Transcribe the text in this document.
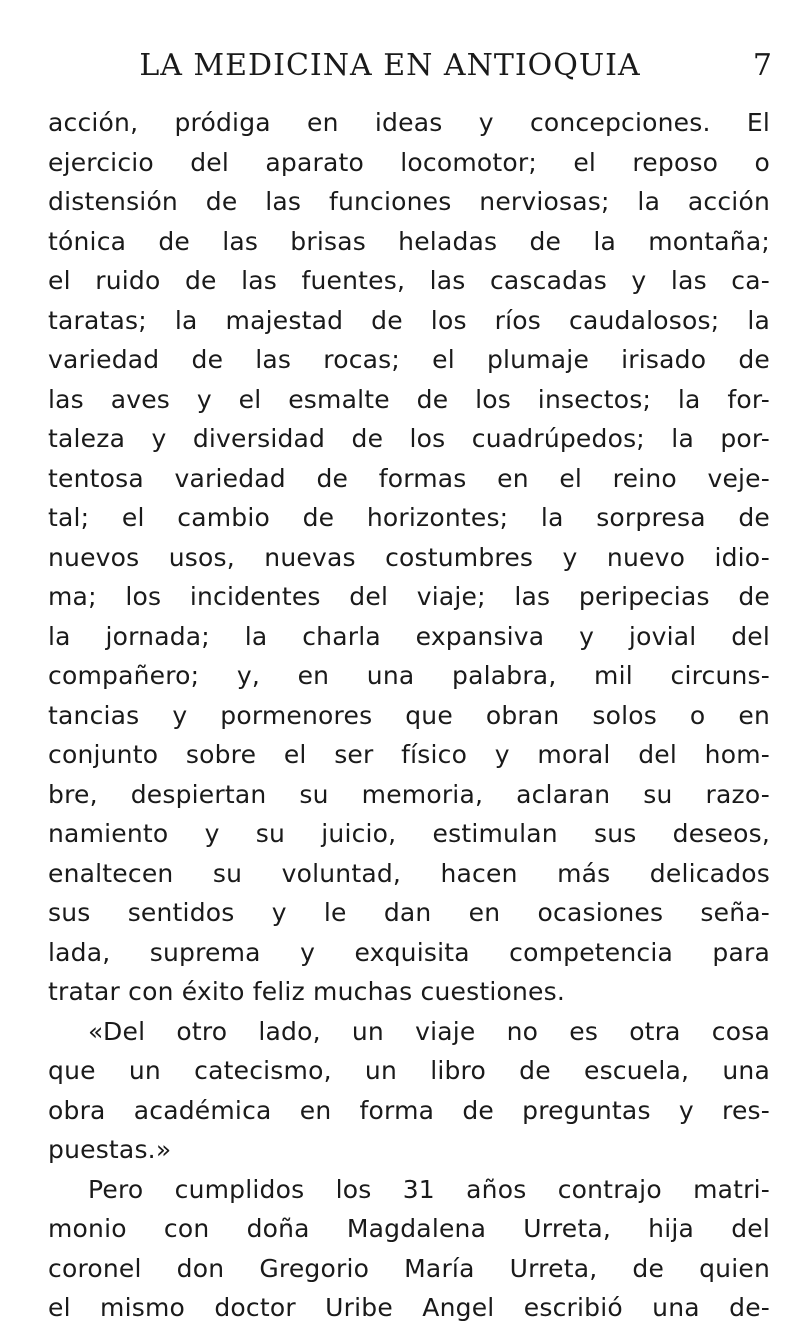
LA MEDICINA EN ANTIOQUIA	7
acción, pródiga en ideas y concepciones. El
ejercicio del aparato locomotor; el reposo o
distensión de las funciones nerviosas; la acción
tónica de las brisas heladas de la montaña;
el ruido de las fuentes, las cascadas y las ca-
taratas; la majestad de los ríos caudalosos; la
variedad de las rocas; el plumaje irisado de
las aves y el esmalte de los insectos; la for-
taleza y diversidad de los cuadrúpedos; la por-
tentosa variedad de formas en el reino veje-
tal; el cambio de horizontes; la sorpresa de
nuevos usos, nuevas costumbres y nuevo idio-
ma; los incidentes del viaje; las peripecias de
la jornada; la charla expansiva y jovial del
compañero; y, en una palabra, mil circuns-
tancias y pormenores que obran solos o en
conjunto sobre el ser físico y moral del hom-
bre, despiertan su memoria, aclaran su razo-
namiento y su juicio, estimulan sus deseos,
enaltecen su voluntad, hacen más delicados
sus sentidos y le dan en ocasiones seña-
lada, suprema y exquisita competencia para
tratar con éxito feliz muchas cuestiones.
«Del otro lado, un viaje no es otra cosa
que un catecismo, un libro de escuela, una
obra académica en forma de preguntas y res-
puestas.»
Pero cumplidos los 31 años contrajo matri-
monio con doña Magdalena Urreta, hija del
coronel don Gregorio María Urreta, de quien
el mismo doctor Uribe Angel escribió una de-
